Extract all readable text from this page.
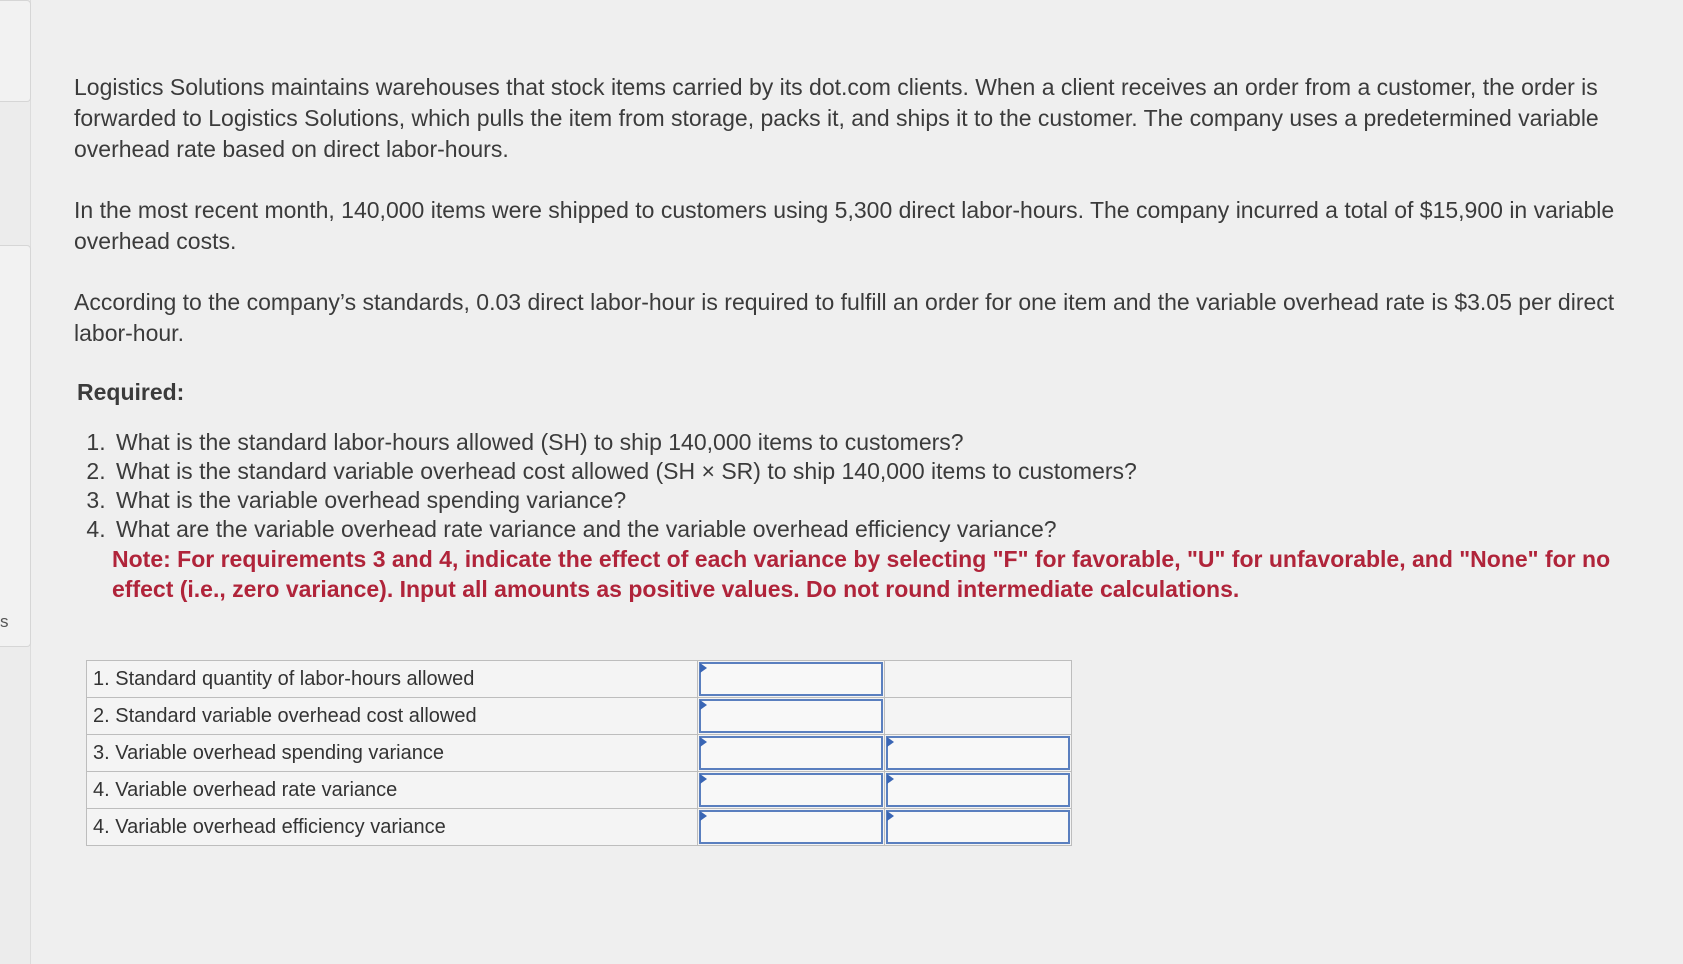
s

Logistics Solutions maintains warehouses that stock items carried by its dot.com clients. When a client receives an order from a customer, the order is forwarded to Logistics Solutions, which pulls the item from storage, packs it, and ships it to the customer. The company uses a predetermined variable overhead rate based on direct labor-hours.

In the most recent month, 140,000 items were shipped to customers using 5,300 direct labor-hours. The company incurred a total of $15,900 in variable overhead costs.

According to the company’s standards, 0.03 direct labor-hour is required to fulfill an order for one item and the variable overhead rate is $3.05 per direct labor-hour.

Required:
1. What is the standard labor-hours allowed (SH) to ship 140,000 items to customers?
2. What is the standard variable overhead cost allowed (SH × SR) to ship 140,000 items to customers?
3. What is the variable overhead spending variance?
4. What are the variable overhead rate variance and the variable overhead efficiency variance?
Note: For requirements 3 and 4, indicate the effect of each variance by selecting "F" for favorable, "U" for unfavorable, and "None" for no effect (i.e., zero variance). Input all amounts as positive values. Do not round intermediate calculations.
1. Standard quantity of labor-hours allowed	

2. Standard variable overhead cost allowed	

3. Variable overhead spending variance	

4. Variable overhead rate variance	

4. Variable overhead efficiency variance	
